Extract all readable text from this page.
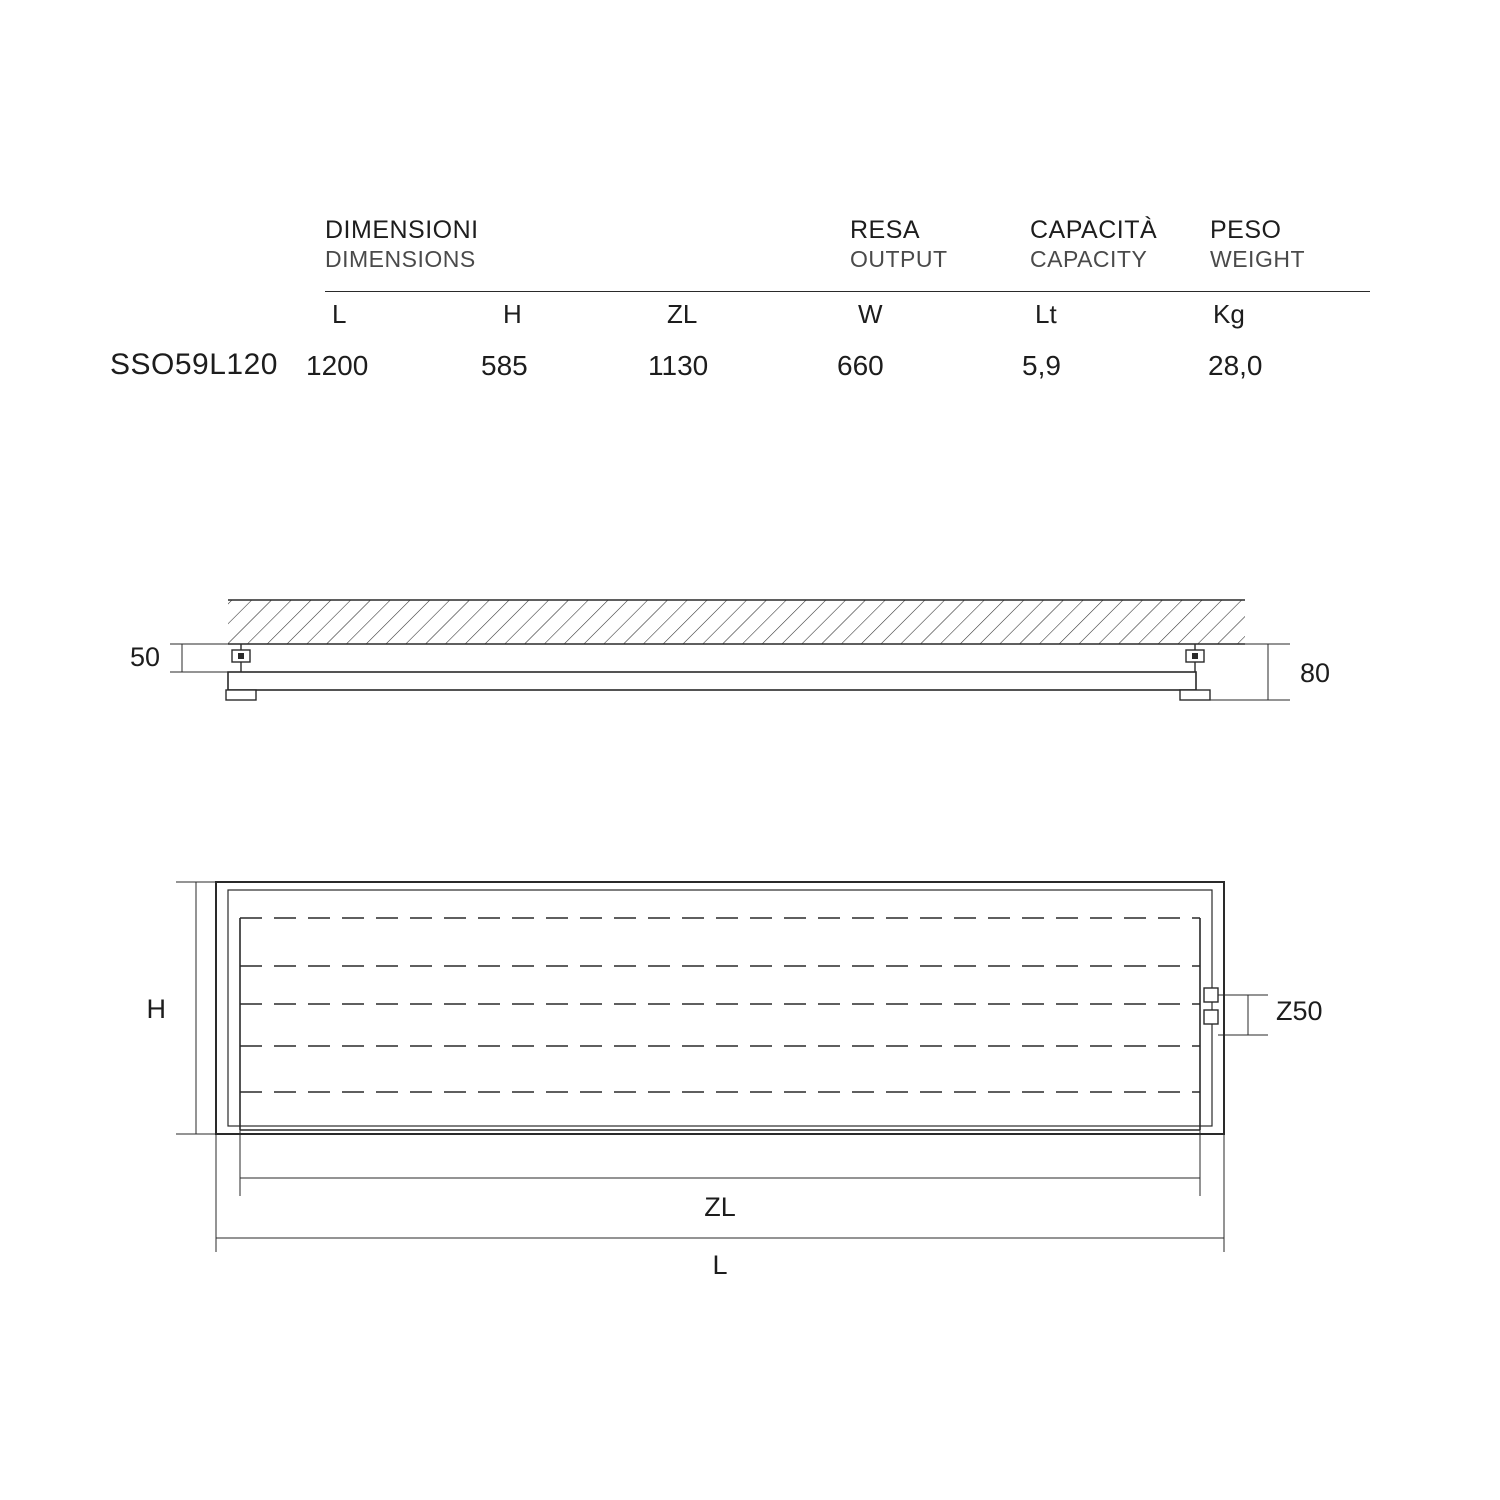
DIMENSIONI
DIMENSIONS
RESA
OUTPUT
CAPACITÀ
CAPACITY
PESO
WEIGHT
L	H	ZL	W	Lt	Kg
SSO59L120 1200	585	1130	660	5,9	28,0
50
80
H	Z50
ZL
L
